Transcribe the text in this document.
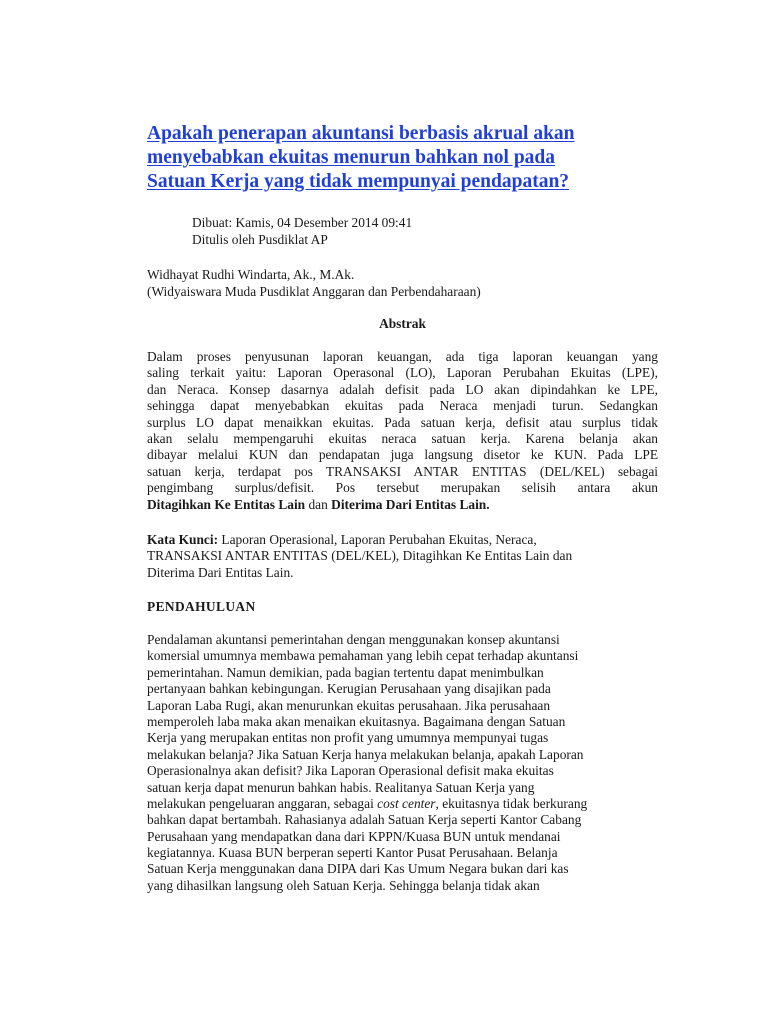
Apakah penerapan akuntansi berbasis akrual akan
menyebabkan ekuitas menurun bahkan nol pada
Satuan Kerja yang tidak mempunyai pendapatan?
Dibuat: Kamis, 04 Desember 2014 09:41
Ditulis oleh Pusdiklat AP
Widhayat Rudhi Windarta, Ak., M.Ak.
(Widyaiswara Muda Pusdiklat Anggaran dan Perbendaharaan)
Abstrak
Dalam proses penyusunan laporan keuangan, ada tiga laporan keuangan yang
saling terkait yaitu: Laporan Operasonal (LO), Laporan Perubahan Ekuitas (LPE),
dan Neraca. Konsep dasarnya adalah defisit pada LO akan dipindahkan ke LPE,
sehingga dapat menyebabkan ekuitas pada Neraca menjadi turun. Sedangkan
surplus LO dapat menaikkan ekuitas. Pada satuan kerja, defisit atau surplus tidak
akan selalu mempengaruhi ekuitas neraca satuan kerja. Karena belanja akan
dibayar melalui KUN dan pendapatan juga langsung disetor ke KUN. Pada LPE
satuan kerja, terdapat pos TRANSAKSI ANTAR ENTITAS (DEL/KEL) sebagai
pengimbang surplus/defisit. Pos tersebut merupakan selisih antara akun
Ditagihkan Ke Entitas Lain dan Diterima Dari Entitas Lain.
Kata Kunci: Laporan Operasional, Laporan Perubahan Ekuitas, Neraca,
TRANSAKSI ANTAR ENTITAS (DEL/KEL), Ditagihkan Ke Entitas Lain dan
Diterima Dari Entitas Lain.
PENDAHULUAN
Pendalaman akuntansi pemerintahan dengan menggunakan konsep akuntansi
komersial umumnya membawa pemahaman yang lebih cepat terhadap akuntansi
pemerintahan. Namun demikian, pada bagian tertentu dapat menimbulkan
pertanyaan bahkan kebingungan. Kerugian Perusahaan yang disajikan pada
Laporan Laba Rugi, akan menurunkan ekuitas perusahaan. Jika perusahaan
memperoleh laba maka akan menaikan ekuitasnya. Bagaimana dengan Satuan
Kerja yang merupakan entitas non profit yang umumnya mempunyai tugas
melakukan belanja? Jika Satuan Kerja hanya melakukan belanja, apakah Laporan
Operasionalnya akan defisit? Jika Laporan Operasional defisit maka ekuitas
satuan kerja dapat menurun bahkan habis. Realitanya Satuan Kerja yang
melakukan pengeluaran anggaran, sebagai cost center, ekuitasnya tidak berkurang
bahkan dapat bertambah. Rahasianya adalah Satuan Kerja seperti Kantor Cabang
Perusahaan yang mendapatkan dana dari KPPN/Kuasa BUN untuk mendanai
kegiatannya. Kuasa BUN berperan seperti Kantor Pusat Perusahaan. Belanja
Satuan Kerja menggunakan dana DIPA dari Kas Umum Negara bukan dari kas
yang dihasilkan langsung oleh Satuan Kerja. Sehingga belanja tidak akan
